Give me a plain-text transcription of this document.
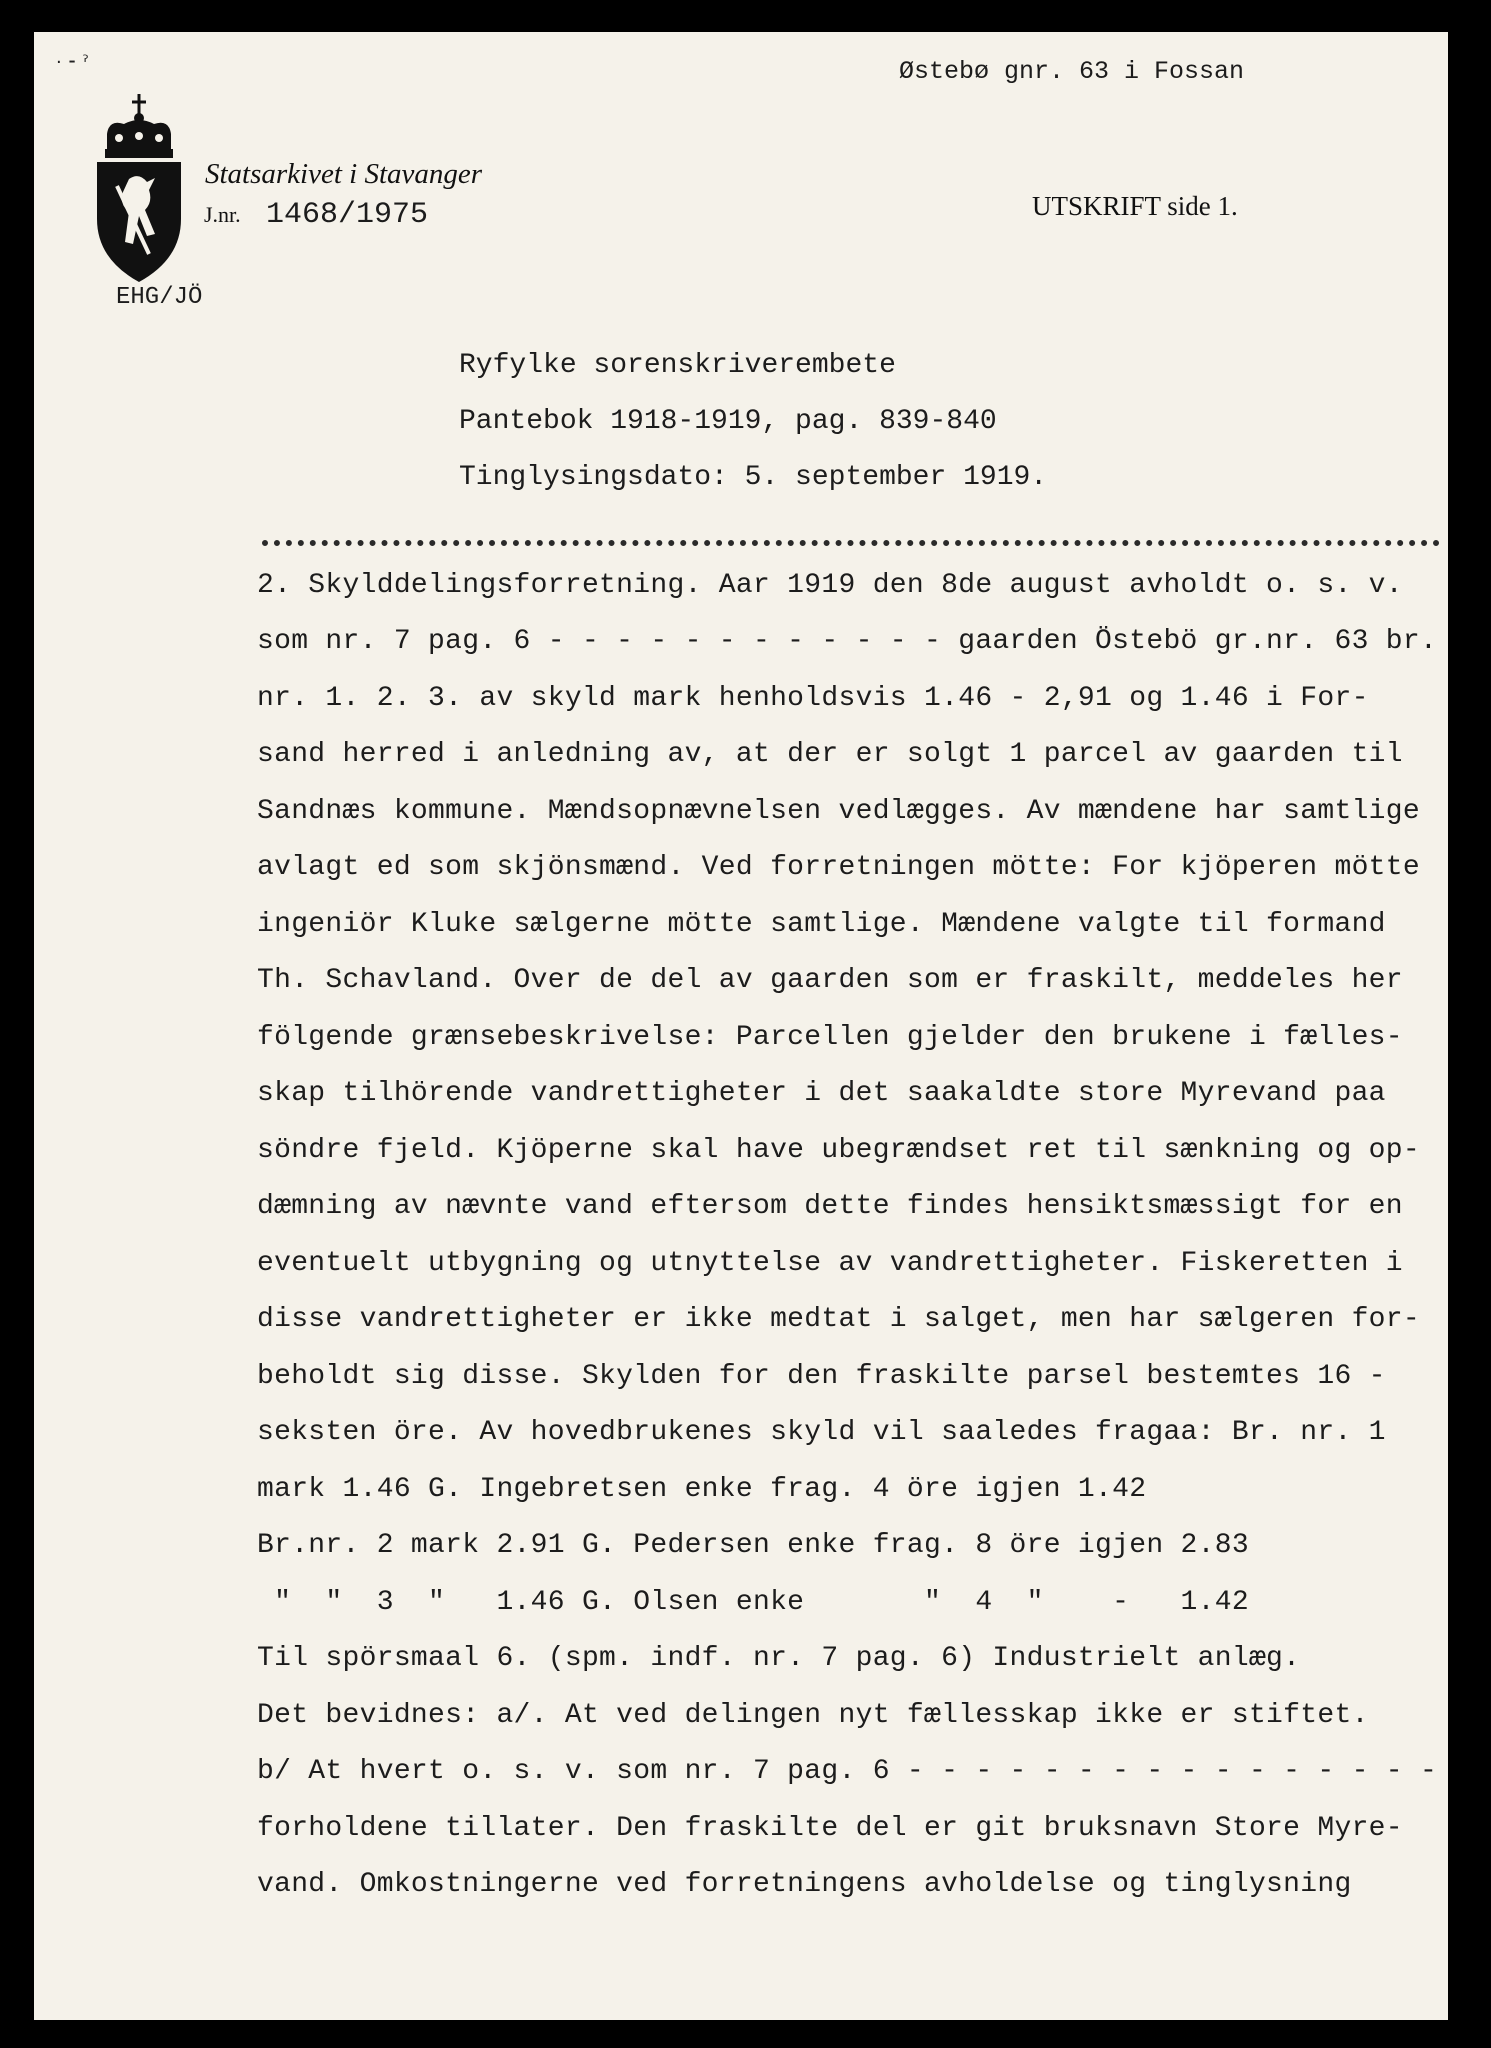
· ⁃ ˀ	Østebø gnr. 63 i Fossan
Statsarkivet i Stavanger
J.nr. 1468/1975	UTSKRIFT side 1.
EHG/JÖ
Ryfylke sorenskriverembete
Pantebok 1918-1919, pag. 839-840
Tinglysingsdato: 5. september 1919.
2. Skylddelingsforretning. Aar 1919 den 8de august avholdt o. s. v.
som nr. 7 pag. 6 - - - - - - - - - - - - gaarden Östebö gr.nr. 63 br.
nr. 1. 2. 3. av skyld mark henholdsvis 1.46 - 2,91 og 1.46 i For-
sand herred i anledning av, at der er solgt 1 parcel av gaarden til
Sandnæs kommune. Mændsopnævnelsen vedlægges. Av mændene har samtlige
avlagt ed som skjönsmænd. Ved forretningen mötte: For kjöperen mötte
ingeniör Kluke sælgerne mötte samtlige. Mændene valgte til formand
Th. Schavland. Over de del av gaarden som er fraskilt, meddeles her
fölgende grænsebeskrivelse: Parcellen gjelder den brukene i fælles-
skap tilhörende vandrettigheter i det saakaldte store Myrevand paa
söndre fjeld. Kjöperne skal have ubegrændset ret til sænkning og op-
dæmning av nævnte vand eftersom dette findes hensiktsmæssigt for en
eventuelt utbygning og utnyttelse av vandrettigheter. Fiskeretten i
disse vandrettigheter er ikke medtat i salget, men har sælgeren for-
beholdt sig disse. Skylden for den fraskilte parsel bestemtes 16 -
seksten öre. Av hovedbrukenes skyld vil saaledes fragaa: Br. nr. 1
mark 1.46 G. Ingebretsen enke frag. 4 öre igjen 1.42
Br.nr. 2 mark 2.91 G. Pedersen enke frag. 8 öre igjen 2.83
"  "  3  "   1.46 G. Olsen enke       "  4  "    -   1.42
Til spörsmaal 6. (spm. indf. nr. 7 pag. 6) Industrielt anlæg.
Det bevidnes: a/. At ved delingen nyt fællesskap ikke er stiftet.
b/ At hvert o. s. v. som nr. 7 pag. 6 - - - - - - - - - - - - - - - -
forholdene tillater. Den fraskilte del er git bruksnavn Store Myre-
vand. Omkostningerne ved forretningens avholdelse og tinglysning
